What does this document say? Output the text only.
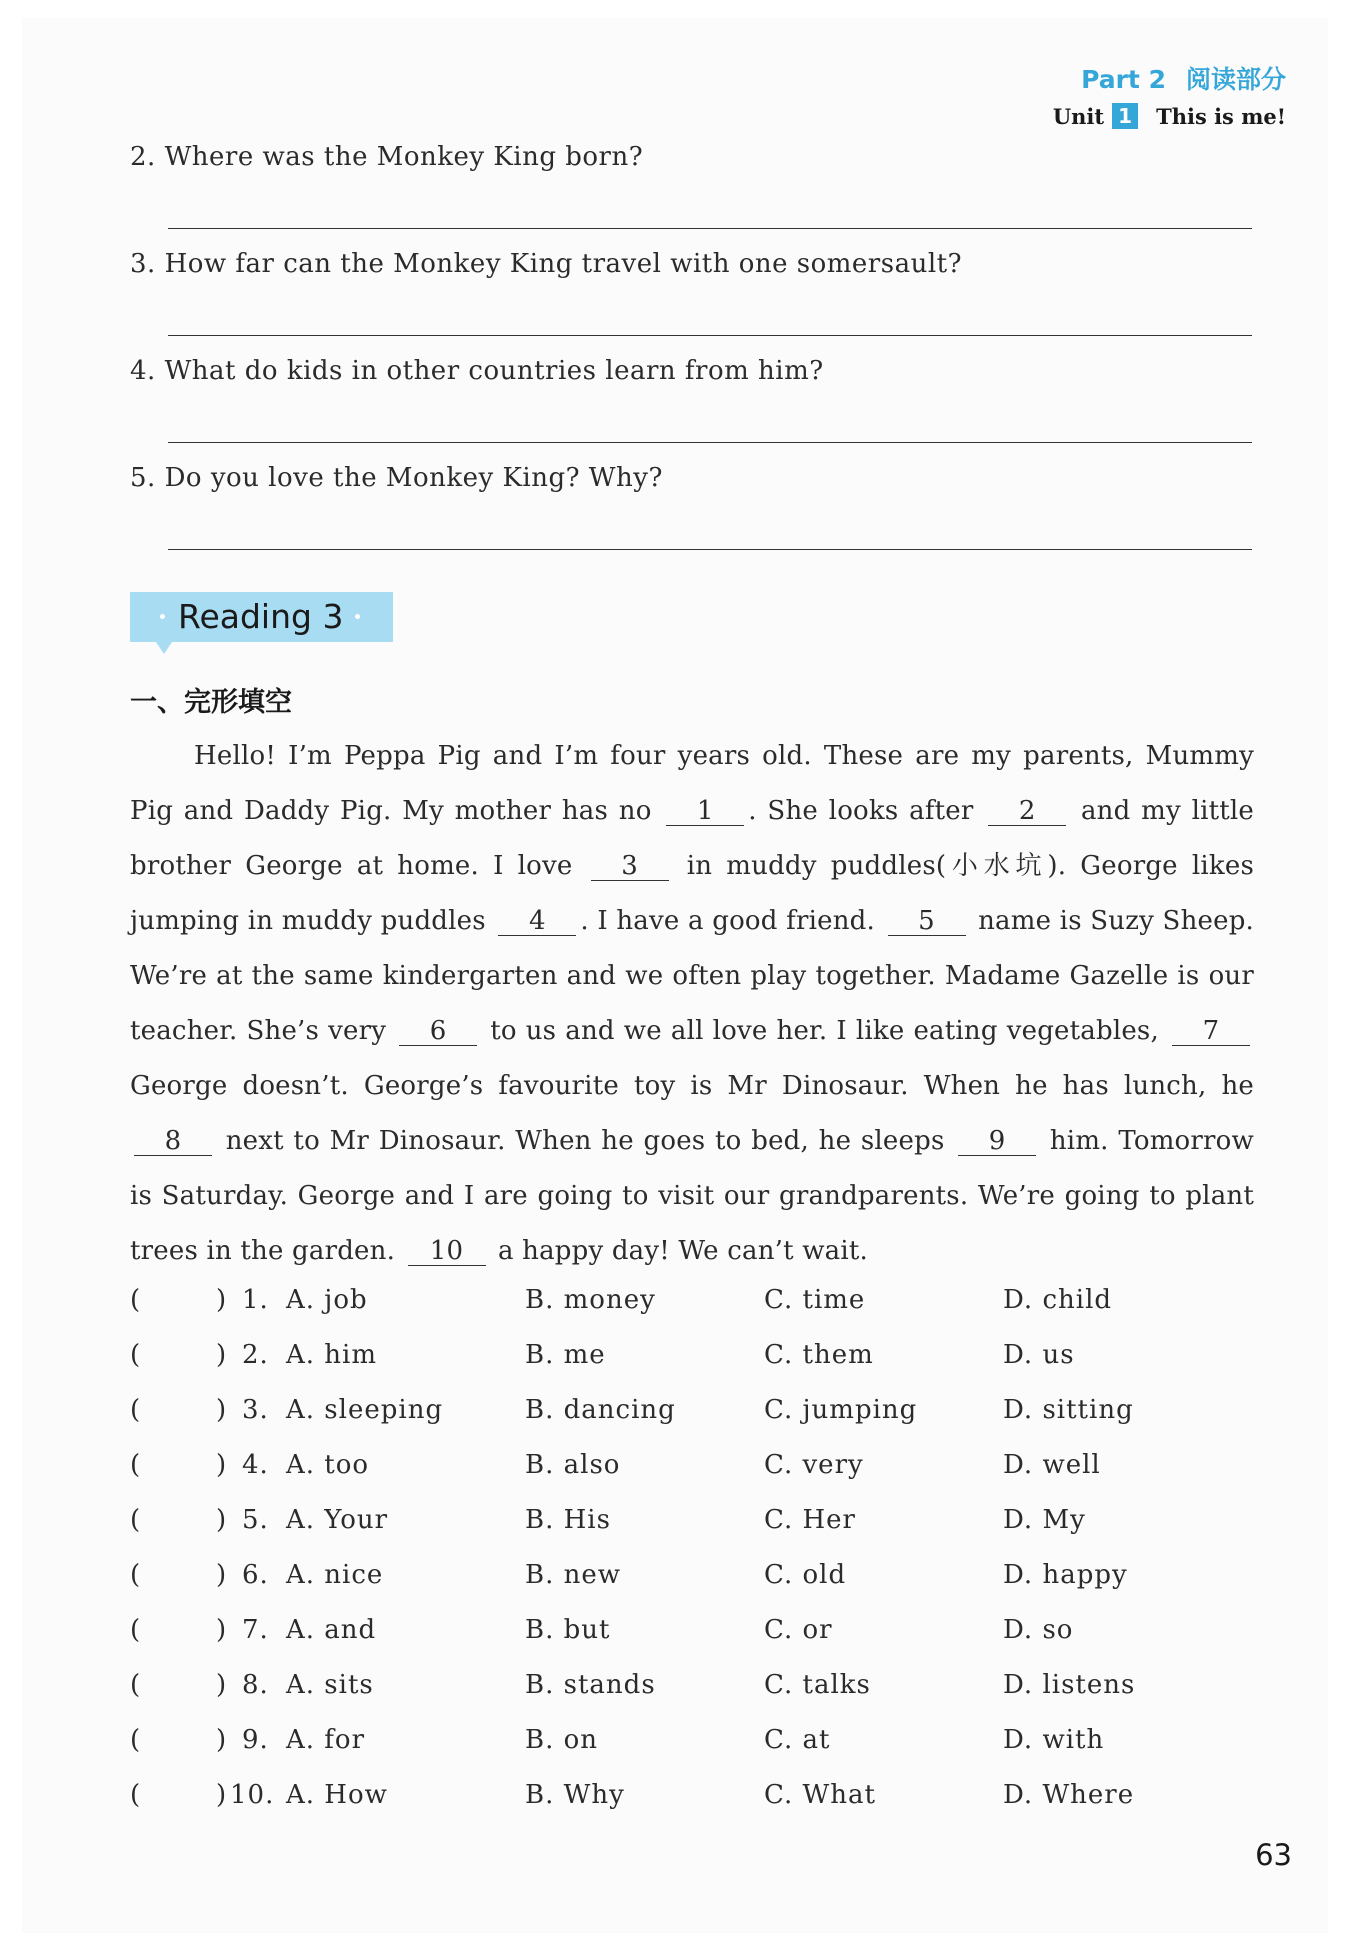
Part 2 阅读部分
Unit 1 This is me!
2. Where was the Monkey King born?
3. How far can the Monkey King travel with one somersault?
4. What do kids in other countries learn from him?
5. Do you love the Monkey King? Why?
Reading 3
一、完形填空

Hello! I’m Peppa Pig and I’m four years old. These are my parents, Mummy Pig and Daddy Pig. My mother has no 1 . She looks after 2 and my little brother George at home. I love 3 in muddy puddles(小水坑). George likes jumping in muddy puddles 4 . I have a good friend. 5 name is Suzy Sheep. We’re at the same kindergarten and we often play together. Madame Gazelle is our teacher. She’s very 6 to us and we all love her. I like eating vegetables, 7 George doesn’t. George’s favourite toy is Mr Dinosaur. When he has lunch, he 8 next to Mr Dinosaur. When he goes to bed, he sleeps 9 him. Tomorrow is Saturday. George and I are going to visit our grandparents. We’re going to plant trees in the garden. 10 a happy day! We can’t wait.

(	) 1. A. job	B. money	C. time	D. child
(	) 2. A. him	B. me	C. them	D. us
(	) 3. A. sleeping	B. dancing	C. jumping	D. sitting
(	) 4. A. too	B. also	C. very	D. well
(	) 5. A. Your	B. His	C. Her	D. My
(	) 6. A. nice	B. new	C. old	D. happy
(	) 7. A. and	B. but	C. or	D. so
(	) 8. A. sits	B. stands	C. talks	D. listens
(	) 9. A. for	B. on	C. at	D. with
(	) 10. A. How	B. Why	C. What	D. Where
63
